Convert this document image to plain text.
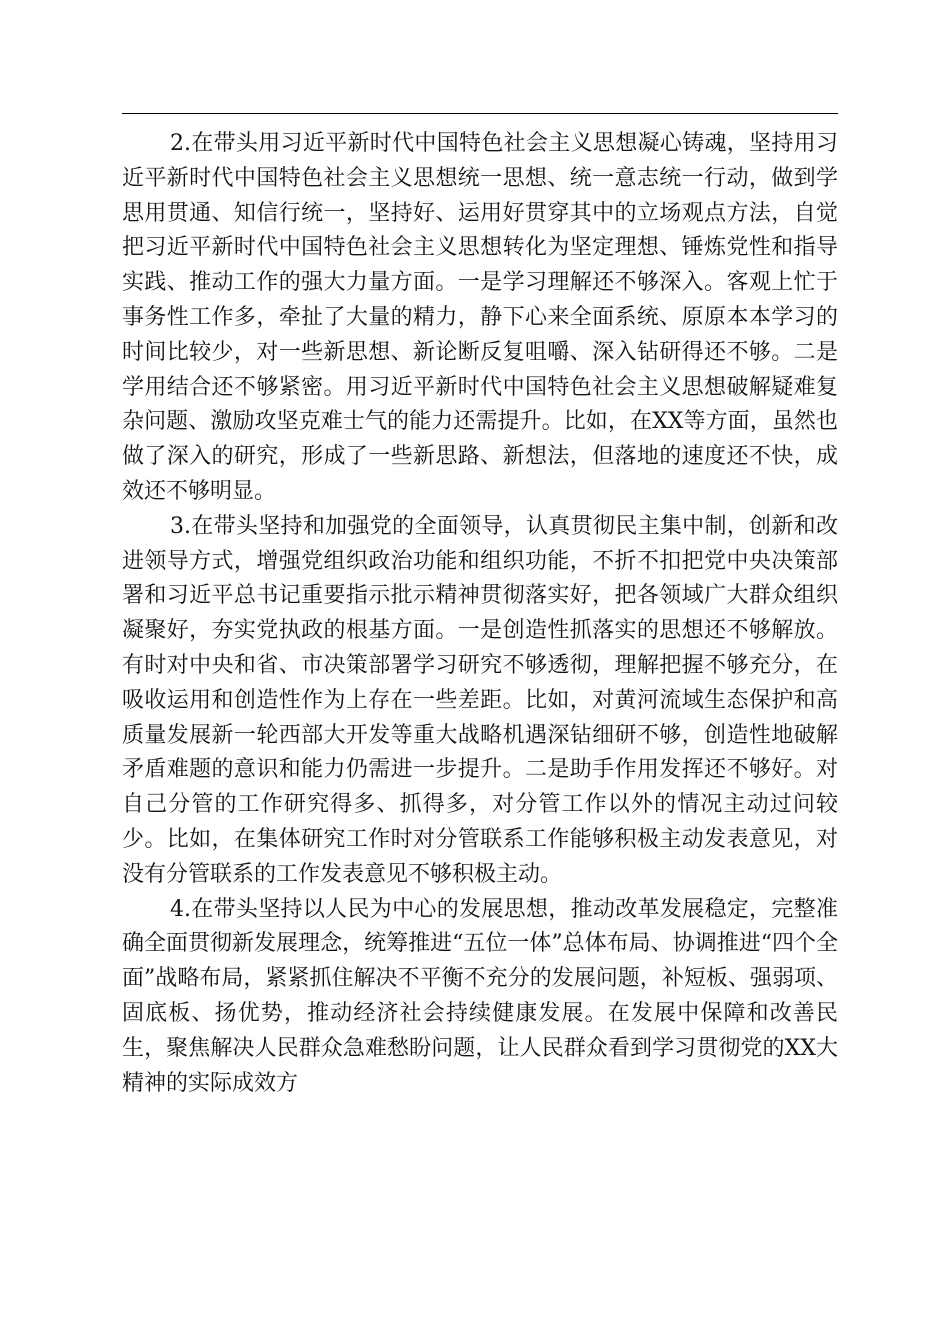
2.在带头用习近平新时代中国特色社会主义思想凝心铸魂，坚持用习近平新时代中国特色社会主义思想统一思想、统一意志统一行动，做到学思用贯通、知信行统一，坚持好、运用好贯穿其中的立场观点方法，自觉把习近平新时代中国特色社会主义思想转化为坚定理想、锤炼党性和指导实践、推动工作的强大力量方面。一是学习理解还不够深入。客观上忙于事务性工作多，牵扯了大量的精力，静下心来全面系统、原原本本学习的时间比较少，对一些新思想、新论断反复咀嚼、深入钻研得还不够。二是学用结合还不够紧密。用习近平新时代中国特色社会主义思想破解疑难复杂问题、激励攻坚克难士气的能力还需提升。比如，在XX等方面，虽然也做了深入的研究，形成了一些新思路、新想法，但落地的速度还不快，成效还不够明显。

3.在带头坚持和加强党的全面领导，认真贯彻民主集中制，创新和改进领导方式，增强党组织政治功能和组织功能，不折不扣把党中央决策部署和习近平总书记重要指示批示精神贯彻落实好，把各领域广大群众组织凝聚好，夯实党执政的根基方面。一是创造性抓落实的思想还不够解放。有时对中央和省、市决策部署学习研究不够透彻，理解把握不够充分，在吸收运用和创造性作为上存在一些差距。比如，对黄河流域生态保护和高质量发展新一轮西部大开发等重大战略机遇深钻细研不够，创造性地破解矛盾难题的意识和能力仍需进一步提升。二是助手作用发挥还不够好。对自己分管的工作研究得多、抓得多，对分管工作以外的情况主动过问较少。比如，在集体研究工作时对分管联系工作能够积极主动发表意见，对没有分管联系的工作发表意见不够积极主动。

4.在带头坚持以人民为中心的发展思想，推动改革发展稳定，完整准确全面贯彻新发展理念，统筹推进“五位一体”总体布局、协调推进“四个全面”战略布局，紧紧抓住解决不平衡不充分的发展问题，补短板、强弱项、固底板、扬优势，推动经济社会持续健康发展。在发展中保障和改善民生，聚焦解决人民群众急难愁盼问题，让人民群众看到学习贯彻党的XX大精神的实际成效方
